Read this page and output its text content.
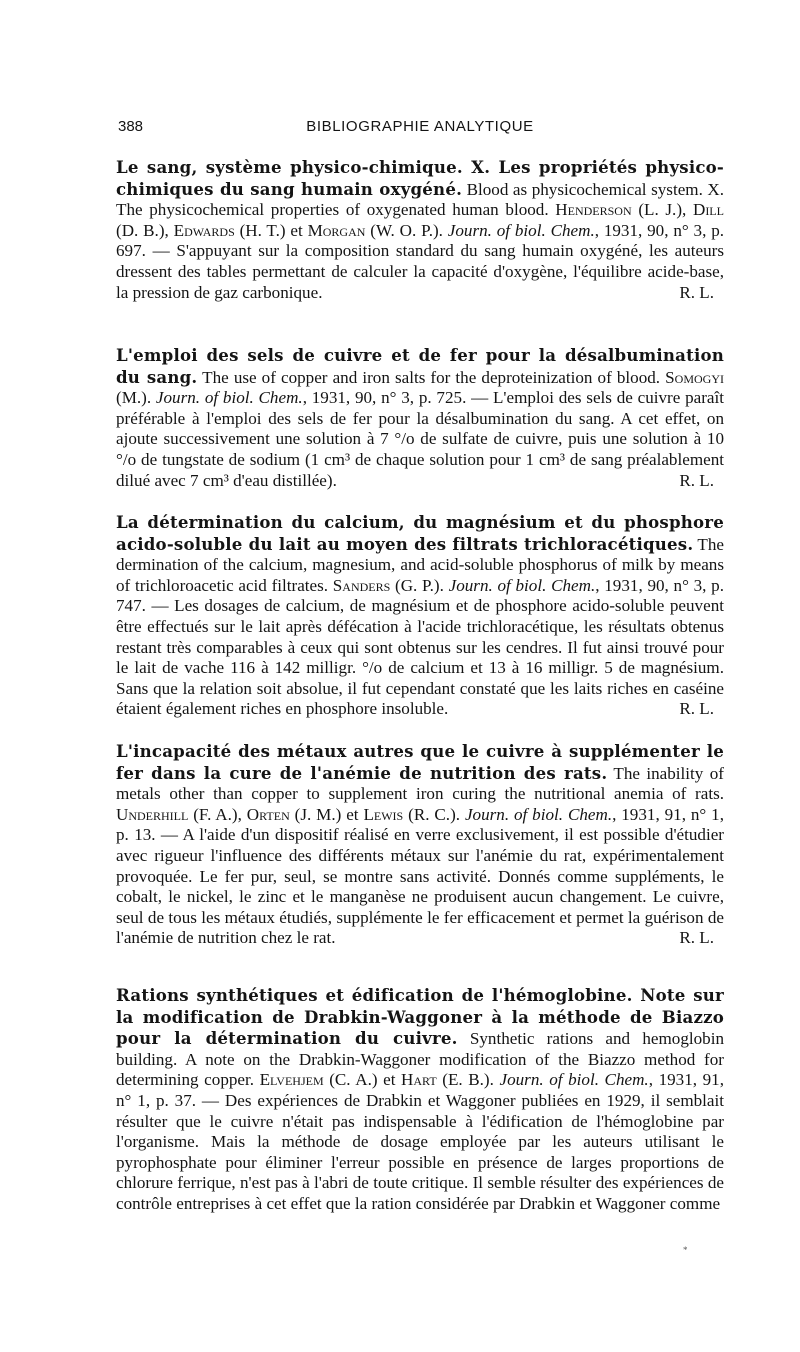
388	BIBLIOGRAPHIE ANALYTIQUE
Le sang, système physico-chimique. X. Les propriétés physico-chimiques du sang humain oxygéné. Blood as physicochemical system. X. The physicochemical properties of oxygenated human blood. Henderson (L. J.), Dill (D. B.), Edwards (H. T.) et Morgan (W. O. P.). Journ. of biol. Chem., 1931, 90, n° 3, p. 697. — S'appuyant sur la composition standard du sang humain oxygéné, les auteurs dressent des tables permettant de calculer la capacité d'oxygène, l'équilibre acide-base, la pression de gaz carbonique.	R. L.
L'emploi des sels de cuivre et de fer pour la désalbumination du sang. The use of copper and iron salts for the deproteinization of blood. Somogyi (M.). Journ. of biol. Chem., 1931, 90, n° 3, p. 725. — L'emploi des sels de cuivre paraît préférable à l'emploi des sels de fer pour la désalbumination du sang. A cet effet, on ajoute successivement une solution à 7 °/o de sulfate de cuivre, puis une solution à 10 °/o de tungstate de sodium (1 cm³ de chaque solution pour 1 cm³ de sang préalablement dilué avec 7 cm³ d'eau distillée).	R. L.
La détermination du calcium, du magnésium et du phosphore acido-soluble du lait au moyen des filtrats trichloracétiques. The dermination of the calcium, magnesium, and acid-soluble phosphorus of milk by means of trichloroacetic acid filtrates. Sanders (G. P.). Journ. of biol. Chem., 1931, 90, n° 3, p. 747. — Les dosages de calcium, de magnésium et de phosphore acido-soluble peuvent être effectués sur le lait après défécation à l'acide trichloracétique, les résultats obtenus restant très comparables à ceux qui sont obtenus sur les cendres. Il fut ainsi trouvé pour le lait de vache 116 à 142 milligr. °/o de calcium et 13 à 16 milligr. 5 de magnésium. Sans que la relation soit absolue, il fut cependant constaté que les laits riches en caséine étaient également riches en phosphore insoluble.	R. L.
L'incapacité des métaux autres que le cuivre à supplémenter le fer dans la cure de l'anémie de nutrition des rats. The inability of metals other than copper to supplement iron curing the nutritional anemia of rats. Underhill (F. A.), Orten (J. M.) et Lewis (R. C.). Journ. of biol. Chem., 1931, 91, n° 1, p. 13. — A l'aide d'un dispositif réalisé en verre exclusivement, il est possible d'étudier avec rigueur l'influence des différents métaux sur l'anémie du rat, expérimentalement provoquée. Le fer pur, seul, se montre sans activité. Donnés comme suppléments, le cobalt, le nickel, le zinc et le manganèse ne produisent aucun changement. Le cuivre, seul de tous les métaux étudiés, supplémente le fer efficacement et permet la guérison de l'anémie de nutrition chez le rat.	R. L.
Rations synthétiques et édification de l'hémoglobine. Note sur la modification de Drabkin-Waggoner à la méthode de Biazzo pour la détermination du cuivre. Synthetic rations and hemoglobin building. A note on the Drabkin-Waggoner modification of the Biazzo method for determining copper. Elvehjem (C. A.) et Hart (E. B.). Journ. of biol. Chem., 1931, 91, n° 1, p. 37. — Des expériences de Drabkin et Waggoner publiées en 1929, il semblait résulter que le cuivre n'était pas indispensable à l'édification de l'hémoglobine par l'organisme. Mais la méthode de dosage employée par les auteurs utilisant le pyrophosphate pour éliminer l'erreur possible en présence de larges proportions de chlorure ferrique, n'est pas à l'abri de toute critique. Il semble résulter des expériences de contrôle entreprises à cet effet que la ration considérée par Drabkin et Waggoner comme
*
